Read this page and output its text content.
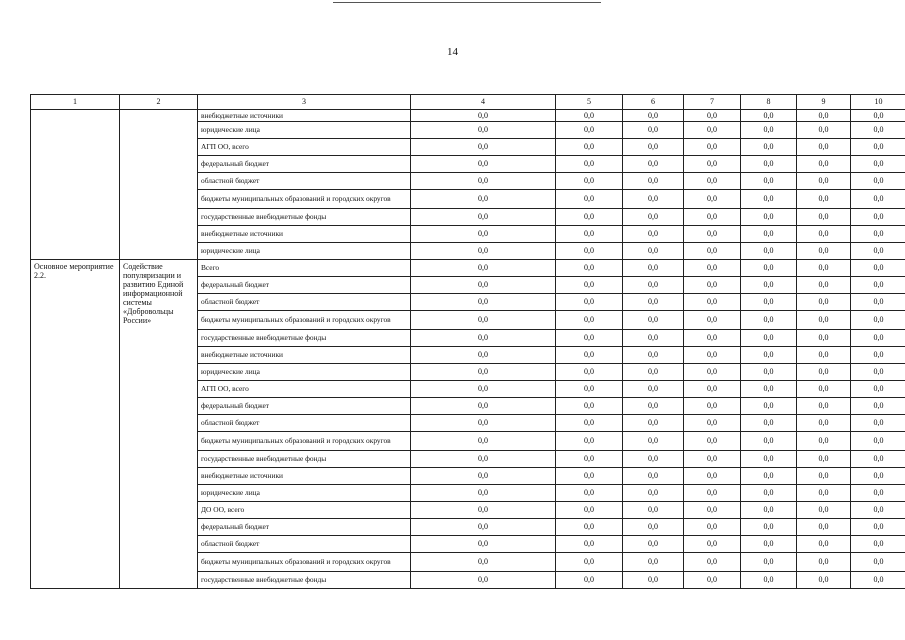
14
1	2	3	4	5	6	7	8	9	10
		внебюджетные источники	0,0	0,0	0,0	0,0	0,0	0,0	0,0
		юридические лица	0,0	0,0	0,0	0,0	0,0	0,0	0,0
		АГП ОО, всего	0,0	0,0	0,0	0,0	0,0	0,0	0,0
		федеральный бюджет	0,0	0,0	0,0	0,0	0,0	0,0	0,0
		областной бюджет	0,0	0,0	0,0	0,0	0,0	0,0	0,0
		бюджеты муниципальных образований и городских округов	0,0	0,0	0,0	0,0	0,0	0,0	0,0
		государственные внебюджетные фонды	0,0	0,0	0,0	0,0	0,0	0,0	0,0
		внебюджетные источники	0,0	0,0	0,0	0,0	0,0	0,0	0,0
		юридические лица	0,0	0,0	0,0	0,0	0,0	0,0	0,0
Основное мероприятие 2.2.	Содействие популяризации и развитию Единой информационной системы «Добровольцы России»	Всего	0,0	0,0	0,0	0,0	0,0	0,0	0,0
		федеральный бюджет	0,0	0,0	0,0	0,0	0,0	0,0	0,0
		областной бюджет	0,0	0,0	0,0	0,0	0,0	0,0	0,0
		бюджеты муниципальных образований и городских округов	0,0	0,0	0,0	0,0	0,0	0,0	0,0
		государственные внебюджетные фонды	0,0	0,0	0,0	0,0	0,0	0,0	0,0
		внебюджетные источники	0,0	0,0	0,0	0,0	0,0	0,0	0,0
		юридические лица	0,0	0,0	0,0	0,0	0,0	0,0	0,0
		АГП ОО, всего	0,0	0,0	0,0	0,0	0,0	0,0	0,0
		федеральный бюджет	0,0	0,0	0,0	0,0	0,0	0,0	0,0
		областной бюджет	0,0	0,0	0,0	0,0	0,0	0,0	0,0
		бюджеты муниципальных образований и городских округов	0,0	0,0	0,0	0,0	0,0	0,0	0,0
		государственные внебюджетные фонды	0,0	0,0	0,0	0,0	0,0	0,0	0,0
		внебюджетные источники	0,0	0,0	0,0	0,0	0,0	0,0	0,0
		юридические лица	0,0	0,0	0,0	0,0	0,0	0,0	0,0
		ДО ОО, всего	0,0	0,0	0,0	0,0	0,0	0,0	0,0
		федеральный бюджет	0,0	0,0	0,0	0,0	0,0	0,0	0,0
		областной бюджет	0,0	0,0	0,0	0,0	0,0	0,0	0,0
		бюджеты муниципальных образований и городских округов	0,0	0,0	0,0	0,0	0,0	0,0	0,0
		государственные внебюджетные фонды	0,0	0,0	0,0	0,0	0,0	0,0	0,0
